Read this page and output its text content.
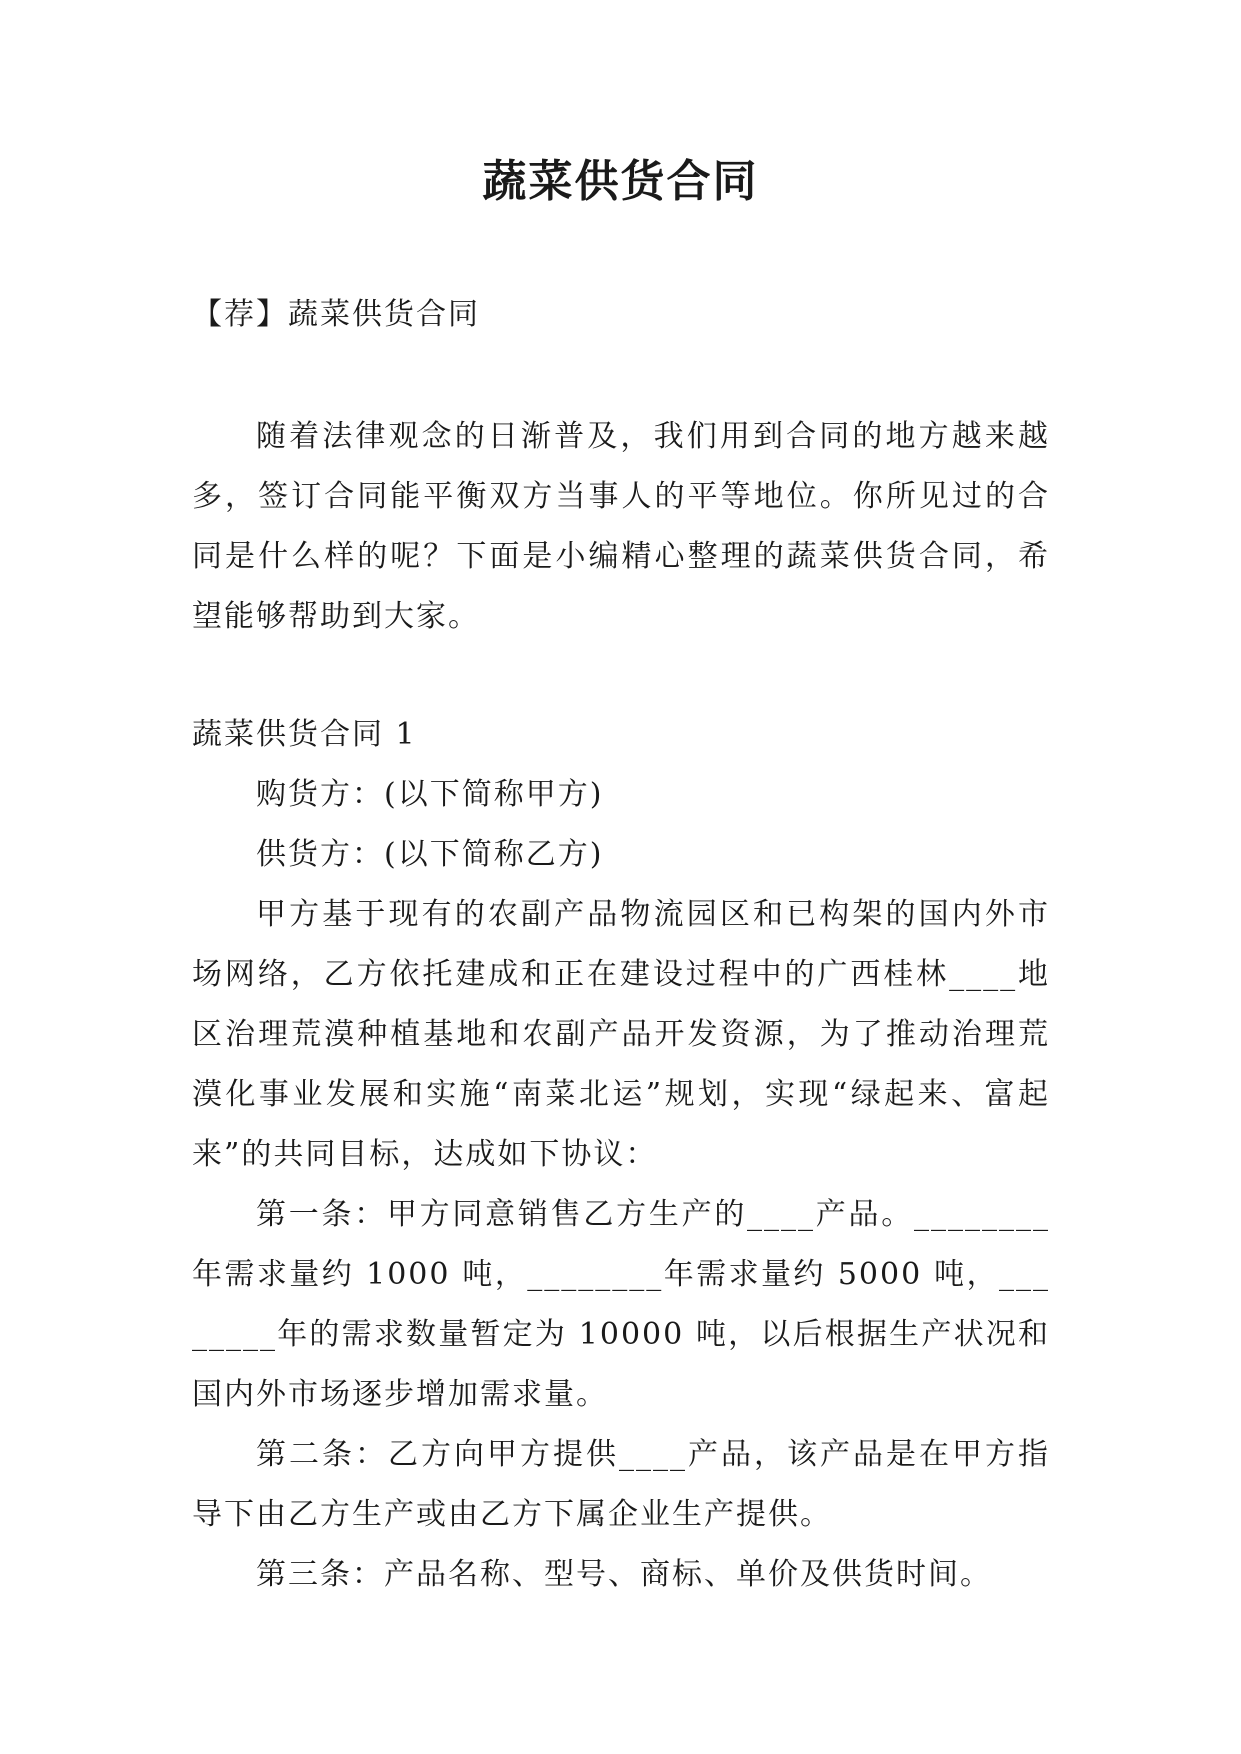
蔬菜供货合同

【荐】蔬菜供货合同

随着法律观念的日渐普及，我们用到合同的地方越来越多，签订合同能平衡双方当事人的平等地位。你所见过的合同是什么样的呢？下面是小编精心整理的蔬菜供货合同，希望能够帮助到大家。

蔬菜供货合同 1

购货方：(以下简称甲方)

供货方：(以下简称乙方)

甲方基于现有的农副产品物流园区和已构架的国内外市场网络，乙方依托建成和正在建设过程中的广西桂林____地区治理荒漠种植基地和农副产品开发资源，为了推动治理荒漠化事业发展和实施“南菜北运”规划，实现“绿起来、富起来”的共同目标，达成如下协议：

第一条：甲方同意销售乙方生产的____产品。________年需求量约 1000 吨，________年需求量约 5000 吨，________年的需求数量暂定为 10000 吨，以后根据生产状况和国内外市场逐步增加需求量。

第二条：乙方向甲方提供____产品，该产品是在甲方指导下由乙方生产或由乙方下属企业生产提供。

第三条：产品名称、型号、商标、单价及供货时间。
